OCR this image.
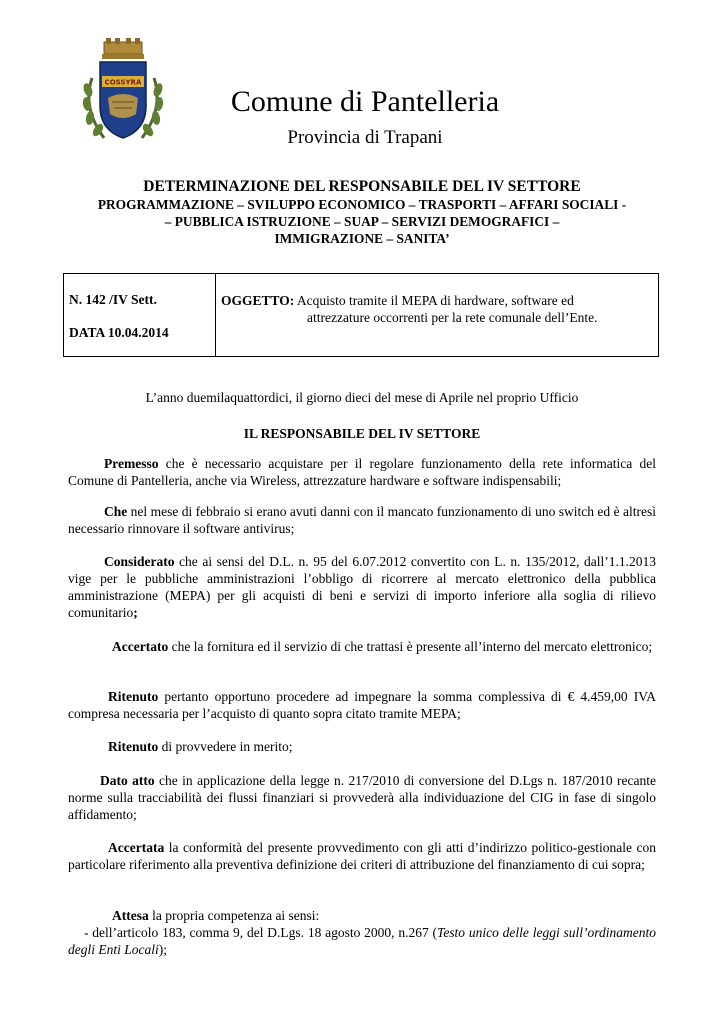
COSSYRA
Comune di Pantelleria
Provincia di Trapani
DETERMINAZIONE DEL RESPONSABILE DEL IV SETTORE
PROGRAMMAZIONE – SVILUPPO ECONOMICO – TRASPORTI – AFFARI SOCIALI -
– PUBBLICA ISTRUZIONE – SUAP – SERVIZI DEMOGRAFICI –
IMMIGRAZIONE – SANITA’
N. 142 /IV Sett.
DATA 10.04.2014
OGGETTO: Acquisto tramite il MEPA di hardware, software ed
attrezzature occorrenti per la rete comunale dell’Ente.
L’anno duemilaquattordici, il giorno dieci del mese di Aprile nel proprio Ufficio
IL RESPONSABILE DEL IV SETTORE

Premesso che è necessario acquistare per il regolare funzionamento della rete informatica del Comune di Pantelleria, anche via Wireless, attrezzature hardware e software indispensabili;

Che nel mese di febbraio si erano avuti danni con il mancato funzionamento di uno switch ed è altresì necessario rinnovare il software antivirus;

Considerato che ai sensi del D.L. n. 95 del 6.07.2012 convertito con L. n. 135/2012, dall’1.1.2013 vige per le pubbliche amministrazioni l’obbligo di ricorrere al mercato elettronico della pubblica amministrazione (MEPA) per gli acquisti di beni e servizi di importo inferiore alla soglia di rilievo comunitario;

Accertato che la fornitura ed il servizio di che trattasi è presente all’interno del mercato elettronico;

Ritenuto pertanto opportuno procedere ad impegnare la somma complessiva di € 4.459,00 IVA compresa necessaria per l’acquisto di quanto sopra citato tramite MEPA;

Ritenuto di provvedere in merito;

Dato atto che in applicazione della legge n. 217/2010 di conversione del D.Lgs n. 187/2010 recante norme sulla tracciabilità dei flussi finanziari si provvederà alla individuazione del CIG in fase di singolo affidamento;

Accertata la conformità del presente provvedimento con gli atti d’indirizzo politico-gestionale con particolare riferimento alla preventiva definizione dei criteri di attribuzione del finanziamento di cui sopra;

Attesa la propria competenza ai sensi:

- dell’articolo 183, comma 9, del D.Lgs. 18 agosto 2000, n.267 (Testo unico delle leggi sull’ordinamento degli Enti Locali);
